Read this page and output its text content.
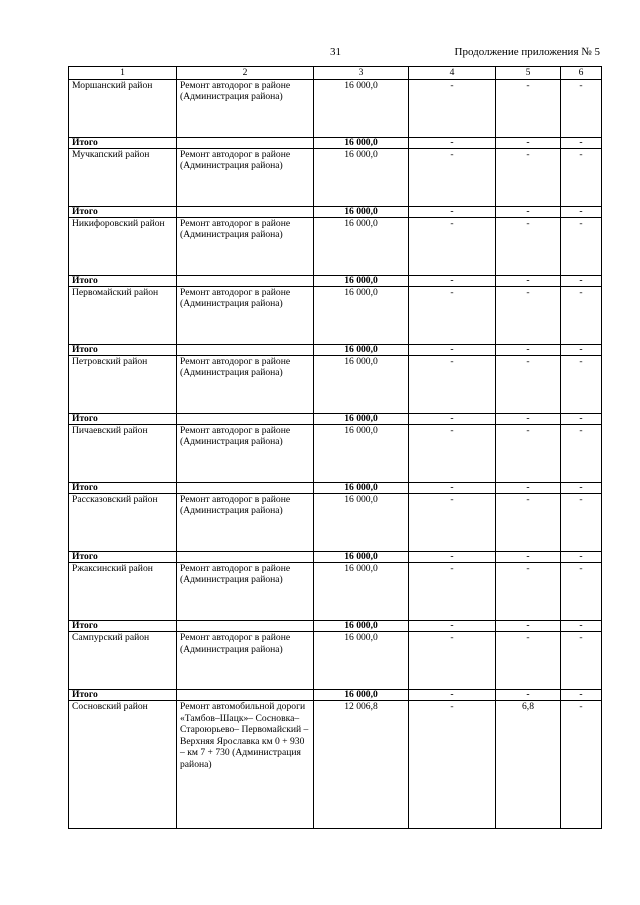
31	Продолжение приложения № 5
1	2	3	4	5	6
Моршанский район	Ремонт автодорог в районе (Администрация района)	16 000,0	-	-	-
Итого		16 000,0	-	-	-
Мучкапский район	Ремонт автодорог в районе (Администрация района)	16 000,0	-	-	-
Итого		16 000,0	-	-	-
Никифоровский район	Ремонт автодорог в районе (Администрация района)	16 000,0	-	-	-
Итого		16 000,0	-	-	-
Первомайский район	Ремонт автодорог в районе (Администрация района)	16 000,0	-	-	-
Итого		16 000,0	-	-	-
Петровский район	Ремонт автодорог в районе (Администрация района)	16 000,0	-	-	-
Итого		16 000,0	-	-	-
Пичаевский район	Ремонт автодорог в районе (Администрация района)	16 000,0	-	-	-
Итого		16 000,0	-	-	-
Рассказовский район	Ремонт автодорог в районе (Администрация района)	16 000,0	-	-	-
Итого		16 000,0	-	-	-
Ржаксинский район	Ремонт автодорог в районе (Администрация района)	16 000,0	-	-	-
Итого		16 000,0	-	-	-
Сампурский район	Ремонт автодорог в районе (Администрация района)	16 000,0	-	-	-
Итого		16 000,0	-	-	-
Сосновский район	Ремонт автомобильной дороги «Тамбов–Шацк»– Сосновка–Староюрьево– Первомайский – Верхняя Ярославка км 0 + 930 – км 7 + 730 (Администрация района)	12 006,8	-	6,8	-
